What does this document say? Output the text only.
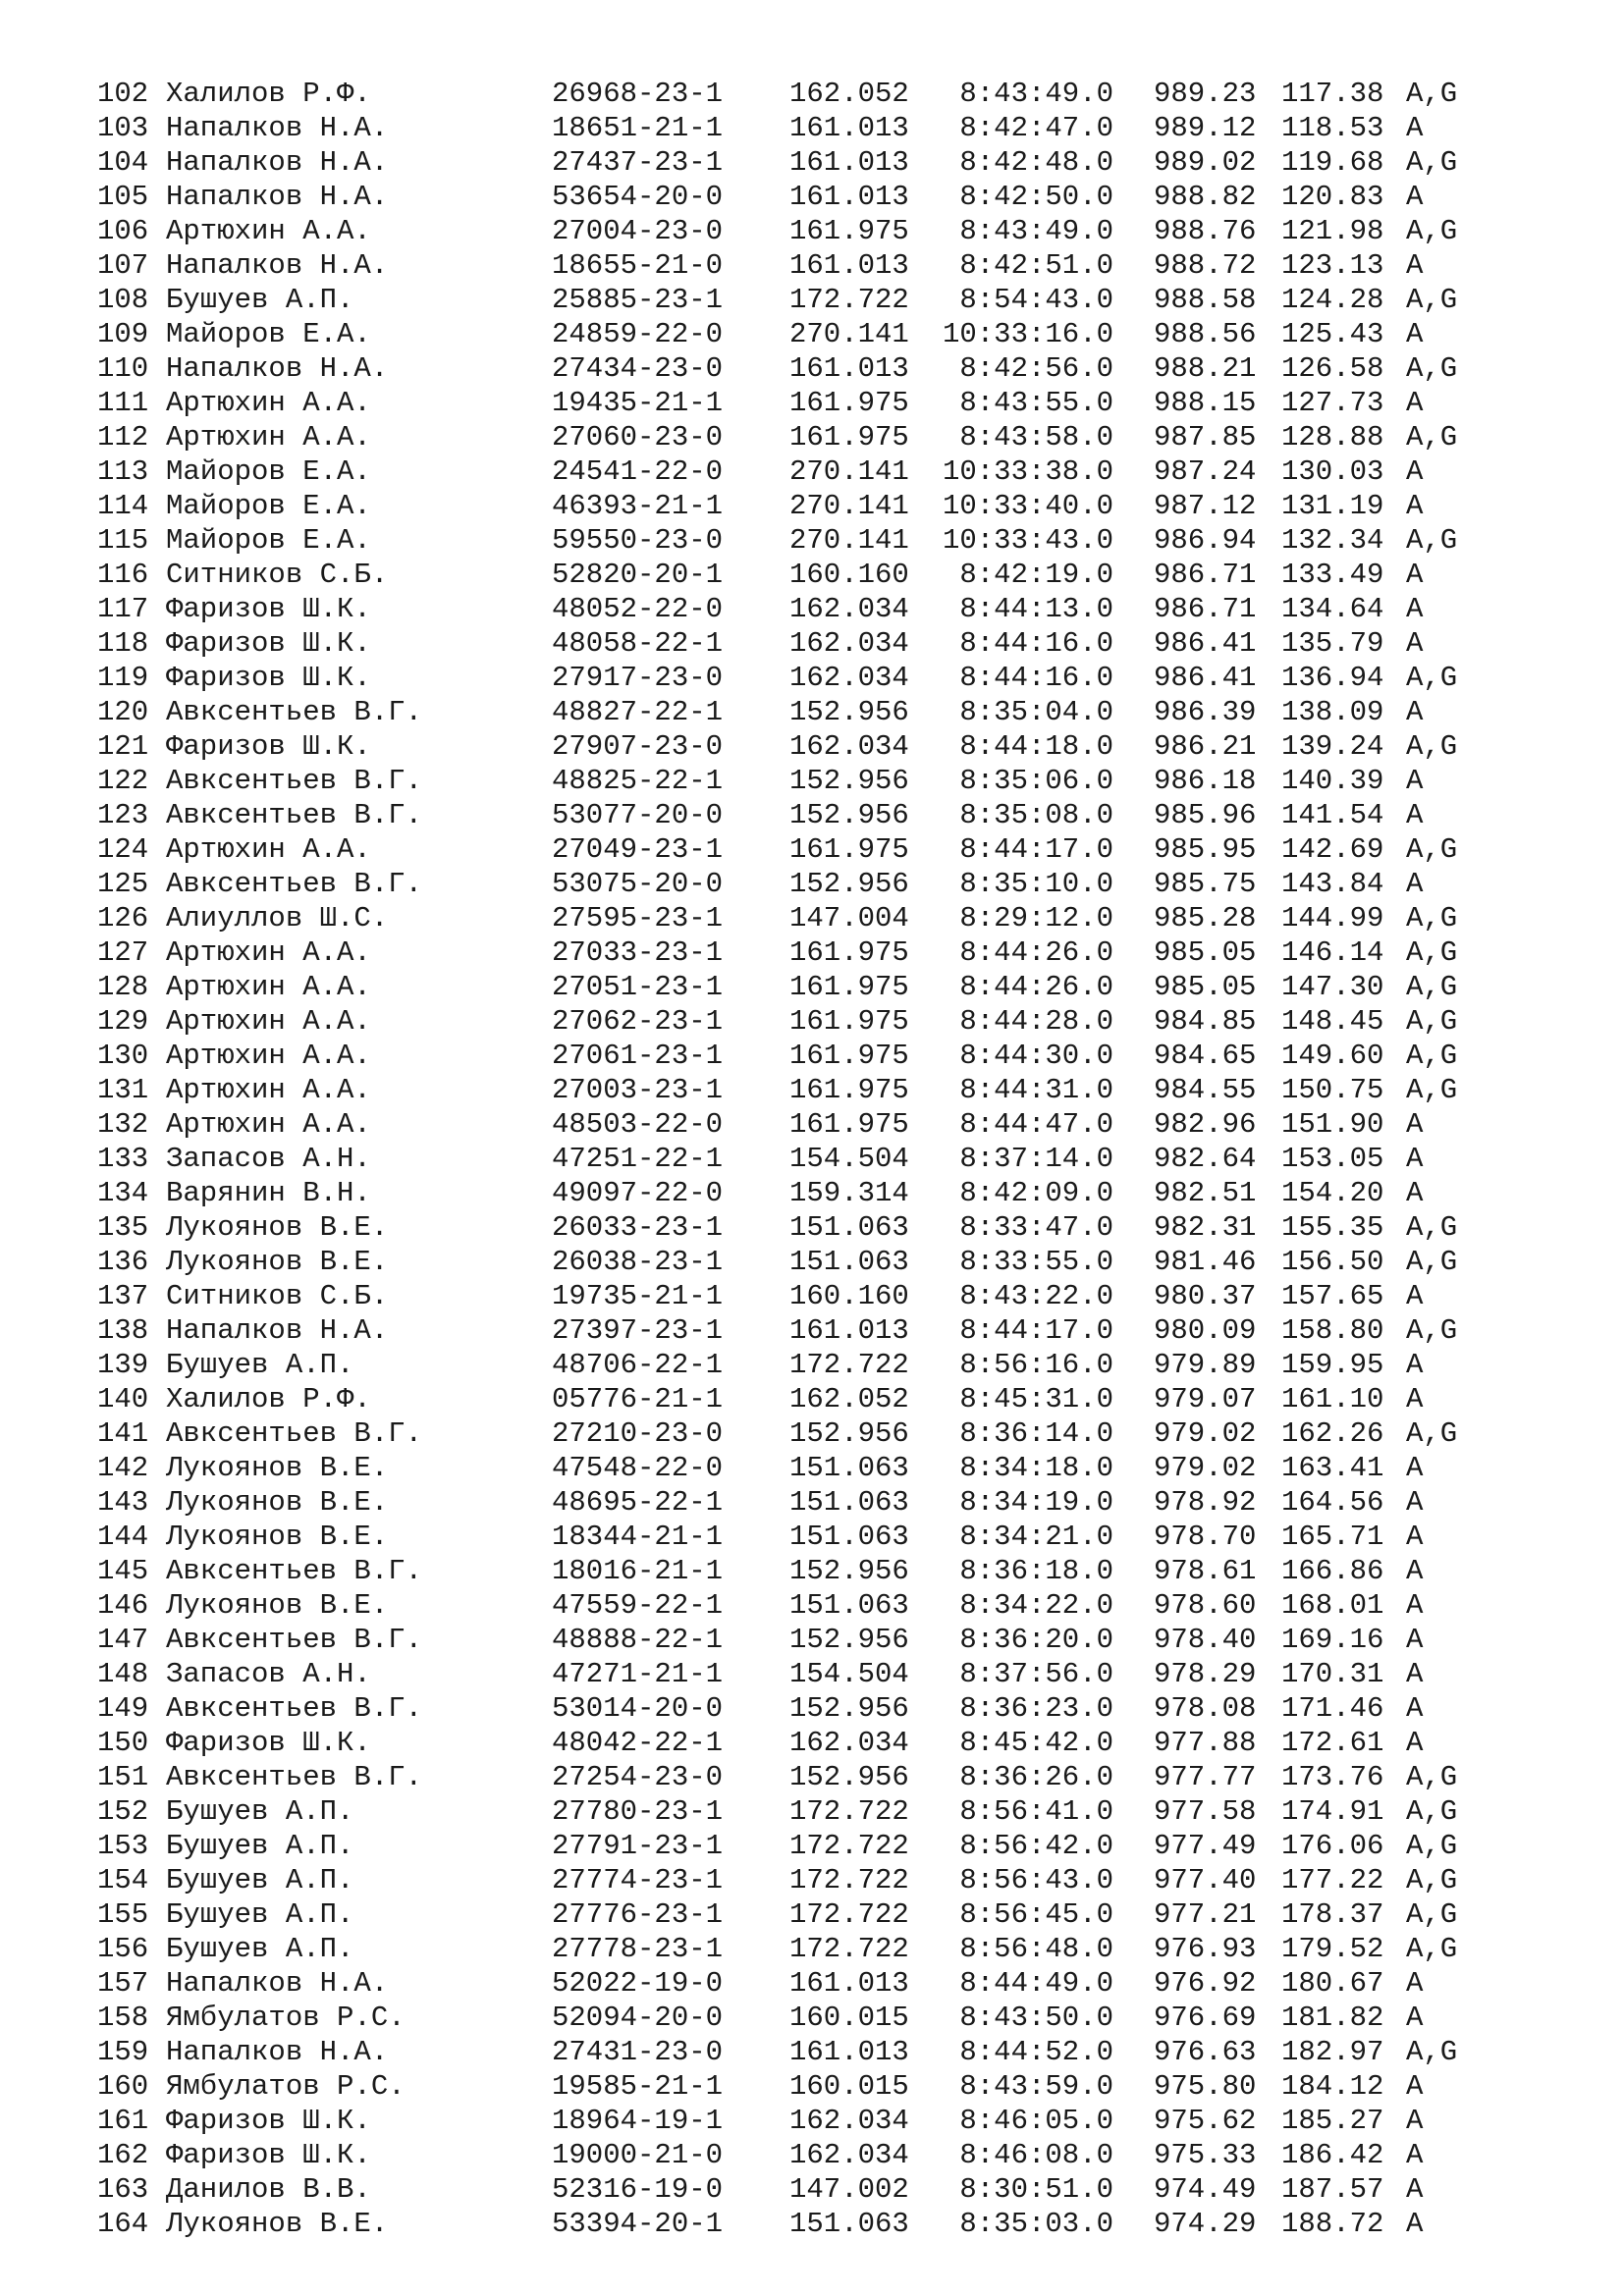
102 Халилов Р.Ф.	26968-23-1 162.052	8:43:49.0 989.23 117.38 A,G
103 Напалков Н.А.	18651-21-1 161.013	8:42:47.0 989.12 118.53 A
104 Напалков Н.А.	27437-23-1 161.013	8:42:48.0 989.02 119.68 A,G
105 Напалков Н.А.	53654-20-0 161.013	8:42:50.0 988.82 120.83 A
106 Артюхин А.А.	27004-23-0 161.975	8:43:49.0 988.76 121.98 A,G
107 Напалков Н.А.	18655-21-0 161.013	8:42:51.0 988.72 123.13 A
108 Бушуев А.П.	25885-23-1 172.722	8:54:43.0 988.58 124.28 A,G
109 Майоров Е.А.	24859-22-0 270.141	10:33:16.0 988.56 125.43 A
110 Напалков Н.А.	27434-23-0 161.013	8:42:56.0 988.21 126.58 A,G
111 Артюхин А.А.	19435-21-1 161.975	8:43:55.0 988.15 127.73 A
112 Артюхин А.А.	27060-23-0 161.975	8:43:58.0 987.85 128.88 A,G
113 Майоров Е.А.	24541-22-0 270.141	10:33:38.0 987.24 130.03 A
114 Майоров Е.А.	46393-21-1 270.141	10:33:40.0 987.12 131.19 A
115 Майоров Е.А.	59550-23-0 270.141	10:33:43.0 986.94 132.34 A,G
116 Ситников С.Б.	52820-20-1 160.160	8:42:19.0 986.71 133.49 A
117 Фаризов Ш.К.	48052-22-0 162.034	8:44:13.0 986.71 134.64 A
118 Фаризов Ш.К.	48058-22-1 162.034	8:44:16.0 986.41 135.79 A
119 Фаризов Ш.К.	27917-23-0 162.034	8:44:16.0 986.41 136.94 A,G
120 Авксентьев В.Г.	48827-22-1 152.956	8:35:04.0 986.39 138.09 A
121 Фаризов Ш.К.	27907-23-0 162.034	8:44:18.0 986.21 139.24 A,G
122 Авксентьев В.Г.	48825-22-1 152.956	8:35:06.0 986.18 140.39 A
123 Авксентьев В.Г.	53077-20-0 152.956	8:35:08.0 985.96 141.54 A
124 Артюхин А.А.	27049-23-1 161.975	8:44:17.0 985.95 142.69 A,G
125 Авксентьев В.Г.	53075-20-0 152.956	8:35:10.0 985.75 143.84 A
126 Алиуллов Ш.С.	27595-23-1 147.004	8:29:12.0 985.28 144.99 A,G
127 Артюхин А.А.	27033-23-1 161.975	8:44:26.0 985.05 146.14 A,G
128 Артюхин А.А.	27051-23-1 161.975	8:44:26.0 985.05 147.30 A,G
129 Артюхин А.А.	27062-23-1 161.975	8:44:28.0 984.85 148.45 A,G
130 Артюхин А.А.	27061-23-1 161.975	8:44:30.0 984.65 149.60 A,G
131 Артюхин А.А.	27003-23-1 161.975	8:44:31.0 984.55 150.75 A,G
132 Артюхин А.А.	48503-22-0 161.975	8:44:47.0 982.96 151.90 A
133 Запасов А.Н.	47251-22-1 154.504	8:37:14.0 982.64 153.05 A
134 Варянин В.Н.	49097-22-0 159.314	8:42:09.0 982.51 154.20 A
135 Лукоянов В.Е.	26033-23-1 151.063	8:33:47.0 982.31 155.35 A,G
136 Лукоянов В.Е.	26038-23-1 151.063	8:33:55.0 981.46 156.50 A,G
137 Ситников С.Б.	19735-21-1 160.160	8:43:22.0 980.37 157.65 A
138 Напалков Н.А.	27397-23-1 161.013	8:44:17.0 980.09 158.80 A,G
139 Бушуев А.П.	48706-22-1 172.722	8:56:16.0 979.89 159.95 A
140 Халилов Р.Ф.	05776-21-1 162.052	8:45:31.0 979.07 161.10 A
141 Авксентьев В.Г.	27210-23-0 152.956	8:36:14.0 979.02 162.26 A,G
142 Лукоянов В.Е.	47548-22-0 151.063	8:34:18.0 979.02 163.41 A
143 Лукоянов В.Е.	48695-22-1 151.063	8:34:19.0 978.92 164.56 A
144 Лукоянов В.Е.	18344-21-1 151.063	8:34:21.0 978.70 165.71 A
145 Авксентьев В.Г.	18016-21-1 152.956	8:36:18.0 978.61 166.86 A
146 Лукоянов В.Е.	47559-22-1 151.063	8:34:22.0 978.60 168.01 A
147 Авксентьев В.Г.	48888-22-1 152.956	8:36:20.0 978.40 169.16 A
148 Запасов А.Н.	47271-21-1 154.504	8:37:56.0 978.29 170.31 A
149 Авксентьев В.Г.	53014-20-0 152.956	8:36:23.0 978.08 171.46 A
150 Фаризов Ш.К.	48042-22-1 162.034	8:45:42.0 977.88 172.61 A
151 Авксентьев В.Г.	27254-23-0 152.956	8:36:26.0 977.77 173.76 A,G
152 Бушуев А.П.	27780-23-1 172.722	8:56:41.0 977.58 174.91 A,G
153 Бушуев А.П.	27791-23-1 172.722	8:56:42.0 977.49 176.06 A,G
154 Бушуев А.П.	27774-23-1 172.722	8:56:43.0 977.40 177.22 A,G
155 Бушуев А.П.	27776-23-1 172.722	8:56:45.0 977.21 178.37 A,G
156 Бушуев А.П.	27778-23-1 172.722	8:56:48.0 976.93 179.52 A,G
157 Напалков Н.А.	52022-19-0 161.013	8:44:49.0 976.92 180.67 A
158 Ямбулатов Р.С.	52094-20-0 160.015	8:43:50.0 976.69 181.82 A
159 Напалков Н.А.	27431-23-0 161.013	8:44:52.0 976.63 182.97 A,G
160 Ямбулатов Р.С.	19585-21-1 160.015	8:43:59.0 975.80 184.12 A
161 Фаризов Ш.К.	18964-19-1 162.034	8:46:05.0 975.62 185.27 A
162 Фаризов Ш.К.	19000-21-0 162.034	8:46:08.0 975.33 186.42 A
163 Данилов В.В.	52316-19-0 147.002	8:30:51.0 974.49 187.57 A
164 Лукоянов В.Е.	53394-20-1 151.063	8:35:03.0 974.29 188.72 A
